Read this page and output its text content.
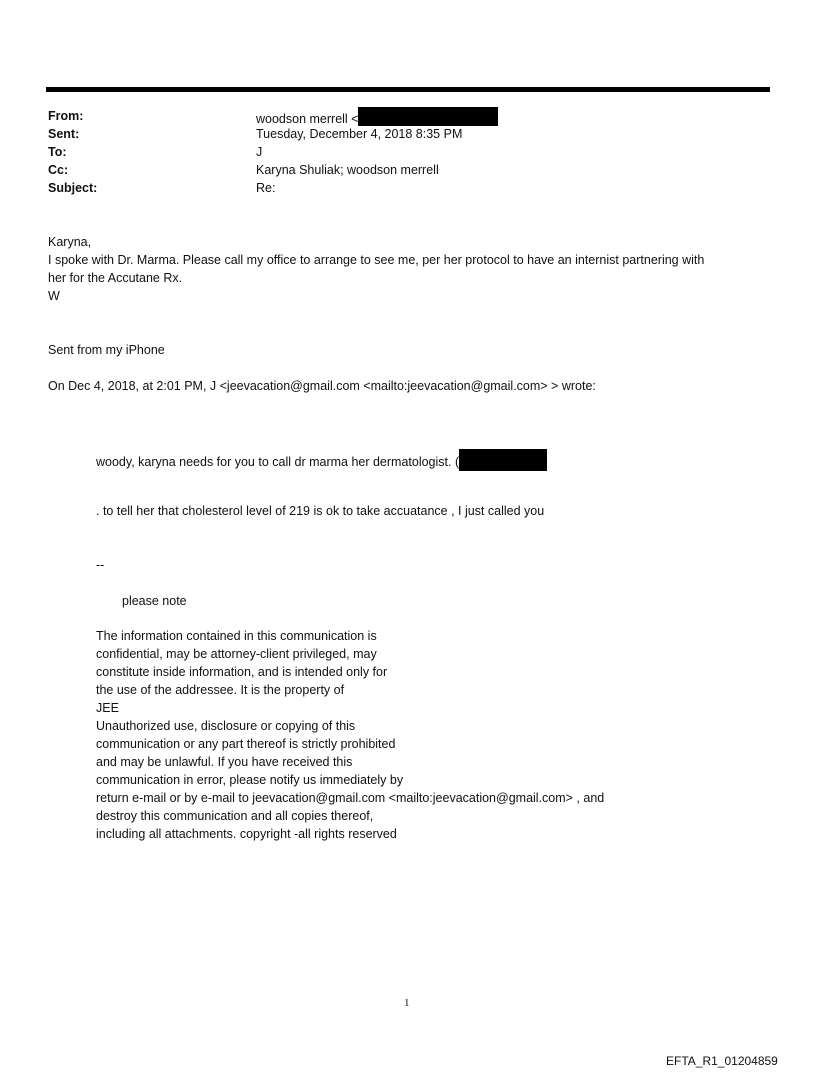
From:	woodson merrell <
Sent:	Tuesday, December 4, 2018 8:35 PM
To:	J
Cc:	Karyna Shuliak; woodson merrell
Subject:	Re:
Karyna,
I spoke with Dr. Marma. Please call my office to arrange to see me, per her protocol to have an internist partnering with
her for the Accutane Rx.
W
Sent from my iPhone
On Dec 4, 2018, at 2:01 PM, J <jeevacation@gmail.com <mailto:jeevacation@gmail.com> > wrote:
woody, karyna needs for you to call dr marma her dermatologist. (
. to tell her that cholesterol level of 219 is ok to take accuatance , I just called you
--
please note
The information contained in this communication is
confidential, may be attorney-client privileged, may
constitute inside information, and is intended only for
the use of the addressee. It is the property of
JEE
Unauthorized use, disclosure or copying of this
communication or any part thereof is strictly prohibited
and may be unlawful. If you have received this
communication in error, please notify us immediately by
return e-mail or by e-mail to jeevacation@gmail.com <mailto:jeevacation@gmail.com> , and
destroy this communication and all copies thereof,
including all attachments. copyright -all rights reserved
1
EFTA_R1_01204859
